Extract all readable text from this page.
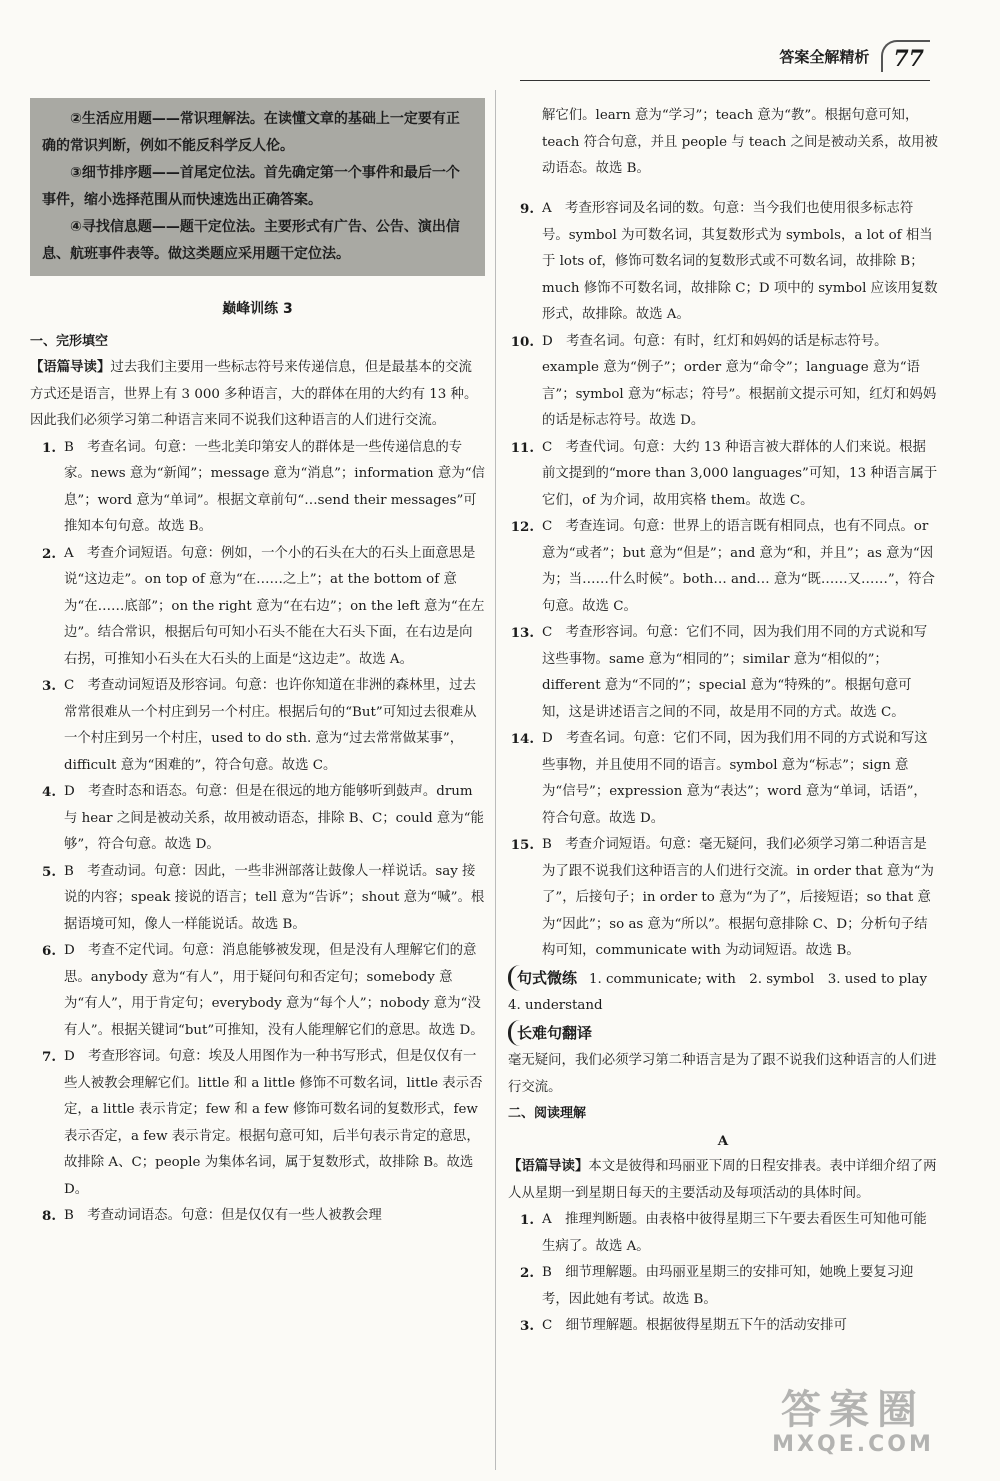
答案全解精析	77

②生活应用题——常识理解法。在读懂文章的基础上一定要有正确的常识判断，例如不能反科学反人伦。

③细节排序题——首尾定位法。首先确定第一个事件和最后一个事件，缩小选择范围从而快速选出正确答案。

④寻找信息题——题干定位法。主要形式有广告、公告、演出信息、航班事件表等。做这类题应采用题干定位法。

巅峰训练 3

一、完形填空

【语篇导读】过去我们主要用一些标志符号来传递信息，但是最基本的交流方式还是语言，世界上有 3 000 多种语言，大的群体在用的大约有 13 种。因此我们必须学习第二种语言来同不说我们这种语言的人们进行交流。

1. B　考查名词。句意：一些北美印第安人的群体是一些传递信息的专家。news 意为“新闻”；message 意为“消息”；information 意为“信息”；word 意为“单词”。根据文章前句“…send their messages”可推知本句句意。故选 B。
2. A　考查介词短语。句意：例如，一个小的石头在大的石头上面意思是说“这边走”。on top of 意为“在……之上”；at the bottom of 意为“在……底部”；on the right 意为“在右边”；on the left 意为“在左边”。结合常识，根据后句可知小石头不能在大石头下面，在右边是向右拐，可推知小石头在大石头的上面是“这边走”。故选 A。
3. C　考查动词短语及形容词。句意：也许你知道在非洲的森林里，过去常常很难从一个村庄到另一个村庄。根据后句的“But”可知过去很难从一个村庄到另一个村庄，used to do sth. 意为“过去常常做某事”，difficult 意为“困难的”，符合句意。故选 C。
4. D　考查时态和语态。句意：但是在很远的地方能够听到鼓声。drum 与 hear 之间是被动关系，故用被动语态，排除 B、C；could 意为“能够”，符合句意。故选 D。
5. B　考查动词。句意：因此，一些非洲部落让鼓像人一样说话。say 接说的内容；speak 接说的语言；tell 意为“告诉”；shout 意为“喊”。根据语境可知，像人一样能说话。故选 B。
6. D　考查不定代词。句意：消息能够被发现，但是没有人理解它们的意思。anybody 意为“有人”，用于疑问句和否定句；somebody 意为“有人”，用于肯定句；everybody 意为“每个人”；nobody 意为“没有人”。根据关键词“but”可推知，没有人能理解它们的意思。故选 D。
7. D　考查形容词。句意：埃及人用图作为一种书写形式，但是仅仅有一些人被教会理解它们。little 和 a little 修饰不可数名词，little 表示否定，a little 表示肯定；few 和 a few 修饰可数名词的复数形式，few 表示否定，a few 表示肯定。根据句意可知，后半句表示肯定的意思，故排除 A、C；people 为集体名词，属于复数形式，故排除 B。故选 D。
8. B　考查动词语态。句意：但是仅仅有一些人被教会理

解它们。learn 意为“学习”；teach 意为“教”。根据句意可知，teach 符合句意，并且 people 与 teach 之间是被动关系，故用被动语态。故选 B。

9. A　考查形容词及名词的数。句意：当今我们也使用很多标志符号。symbol 为可数名词，其复数形式为 symbols，a lot of 相当于 lots of，修饰可数名词的复数形式或不可数名词，故排除 B；much 修饰不可数名词，故排除 C；D 项中的 symbol 应该用复数形式，故排除。故选 A。
10. D　考查名词。句意：有时，红灯和妈妈的话是标志符号。example 意为“例子”；order 意为“命令”；language 意为“语言”；symbol 意为“标志；符号”。根据前文提示可知，红灯和妈妈的话是标志符号。故选 D。
11. C　考查代词。句意：大约 13 种语言被大群体的人们来说。根据前文提到的“more than 3,000 languages”可知，13 种语言属于它们，of 为介词，故用宾格 them。故选 C。
12. C　考查连词。句意：世界上的语言既有相同点，也有不同点。or 意为“或者”；but 意为“但是”；and 意为“和，并且”；as 意为“因为；当……什么时候”。both… and… 意为“既……又……”，符合句意。故选 C。
13. C　考查形容词。句意：它们不同，因为我们用不同的方式说和写这些事物。same 意为“相同的”；similar 意为“相似的”；different 意为“不同的”；special 意为“特殊的”。根据句意可知，这是讲述语言之间的不同，故是用不同的方式。故选 C。
14. D　考查名词。句意：它们不同，因为我们用不同的方式说和写这些事物，并且使用不同的语言。symbol 意为“标志”；sign 意为“信号”；expression 意为“表达”；word 意为“单词，话语”，符合句意。故选 D。
15. B　考查介词短语。句意：毫无疑问，我们必须学习第二种语言是为了跟不说我们这种语言的人们进行交流。in order that 意为“为了”，后接句子；in order to 意为“为了”，后接短语；so that 意为“因此”；so as 意为“所以”。根据句意排除 C、D；分析句子结构可知，communicate with 为动词短语。故选 B。

句式微练 1. communicate; with　2. symbol　3. used to play　4. understand

长难句翻译

毫无疑问，我们必须学习第二种语言是为了跟不说我们这种语言的人们进行交流。

二、阅读理解

A

【语篇导读】本文是彼得和玛丽亚下周的日程安排表。表中详细介绍了两人从星期一到星期日每天的主要活动及每项活动的具体时间。

1. A　推理判断题。由表格中彼得星期三下午要去看医生可知他可能生病了。故选 A。
2. B　细节理解题。由玛丽亚星期三的安排可知，她晚上要复习迎考，因此她有考试。故选 B。
3. C　细节理解题。根据彼得星期五下午的活动安排可
答案圈
MXQE.COM
